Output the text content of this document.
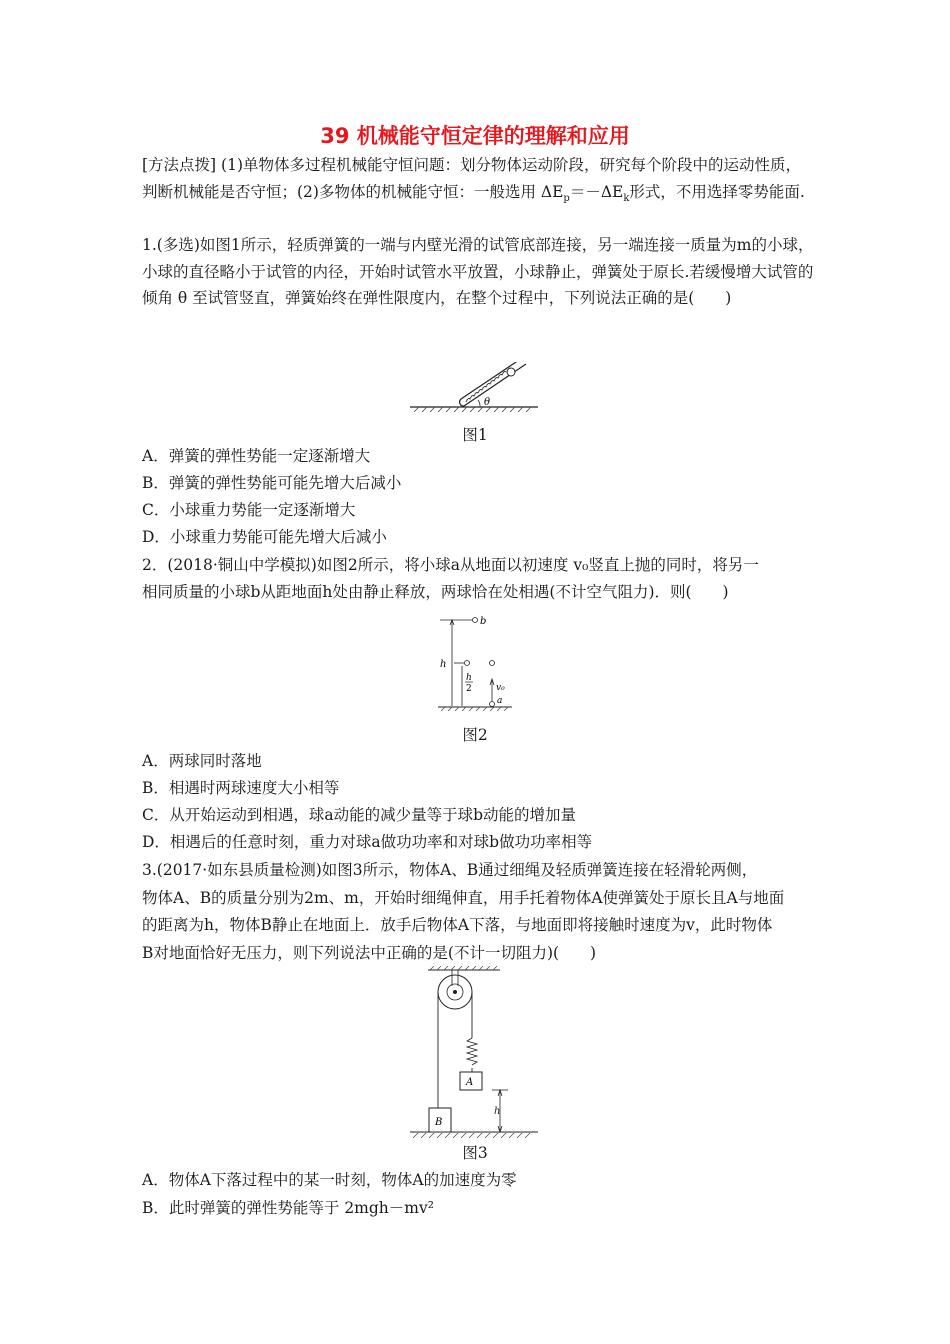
39 机械能守恒定律的理解和应用
[方法点拨] (1)单物体多过程机械能守恒问题：划分物体运动阶段，研究每个阶段中的运动性质，判断机械能是否守恒；(2)多物体的机械能守恒：一般选用 $\Delta E_p=-\Delta E_k$形式，不用选择零势能面.
1.(多选)如图1所示，轻质弹簧的一端与内壁光滑的试管底部连接，另一端连接一质量为m的小球，小球的直径略小于试管的内径，开始时试管水平放置，小球静止，弹簧处于原长.若缓慢增大试管的倾角 θ 至试管竖直，弹簧始终在弹性限度内，在整个过程中，下列说法正确的是(　　)
θ
图1
A．弹簧的弹性势能一定逐渐增大
B．弹簧的弹性势能可能先增大后减小
C．小球重力势能一定逐渐增大
D．小球重力势能可能先增大后减小
2．(2018·铜山中学模拟)如图2所示，将小球a从地面以初速度 v₀竖直上抛的同时，将另一
相同质量的小球b从距地面h处由静止释放，两球恰在处相遇(不计空气阻力)．则(　　)
b
h
h
2	v₀
a
图2
A．两球同时落地
B．相遇时两球速度大小相等
C．从开始运动到相遇，球a动能的减少量等于球b动能的增加量
D．相遇后的任意时刻，重力对球a做功功率和对球b做功功率相等
3.(2017·如东县质量检测)如图3所示，物体A、B通过细绳及轻质弹簧连接在轻滑轮两侧，
物体A、B的质量分别为2m、m，开始时细绳伸直，用手托着物体A使弹簧处于原长且A与地面
的距离为h，物体B静止在地面上．放手后物体A下落，与地面即将接触时速度为v，此时物体
B对地面恰好无压力，则下列说法中正确的是(不计一切阻力)(　　)
A
B
h
图3
A．物体A下落过程中的某一时刻，物体A的加速度为零
B．此时弹簧的弹性势能等于 2mgh－mv²
